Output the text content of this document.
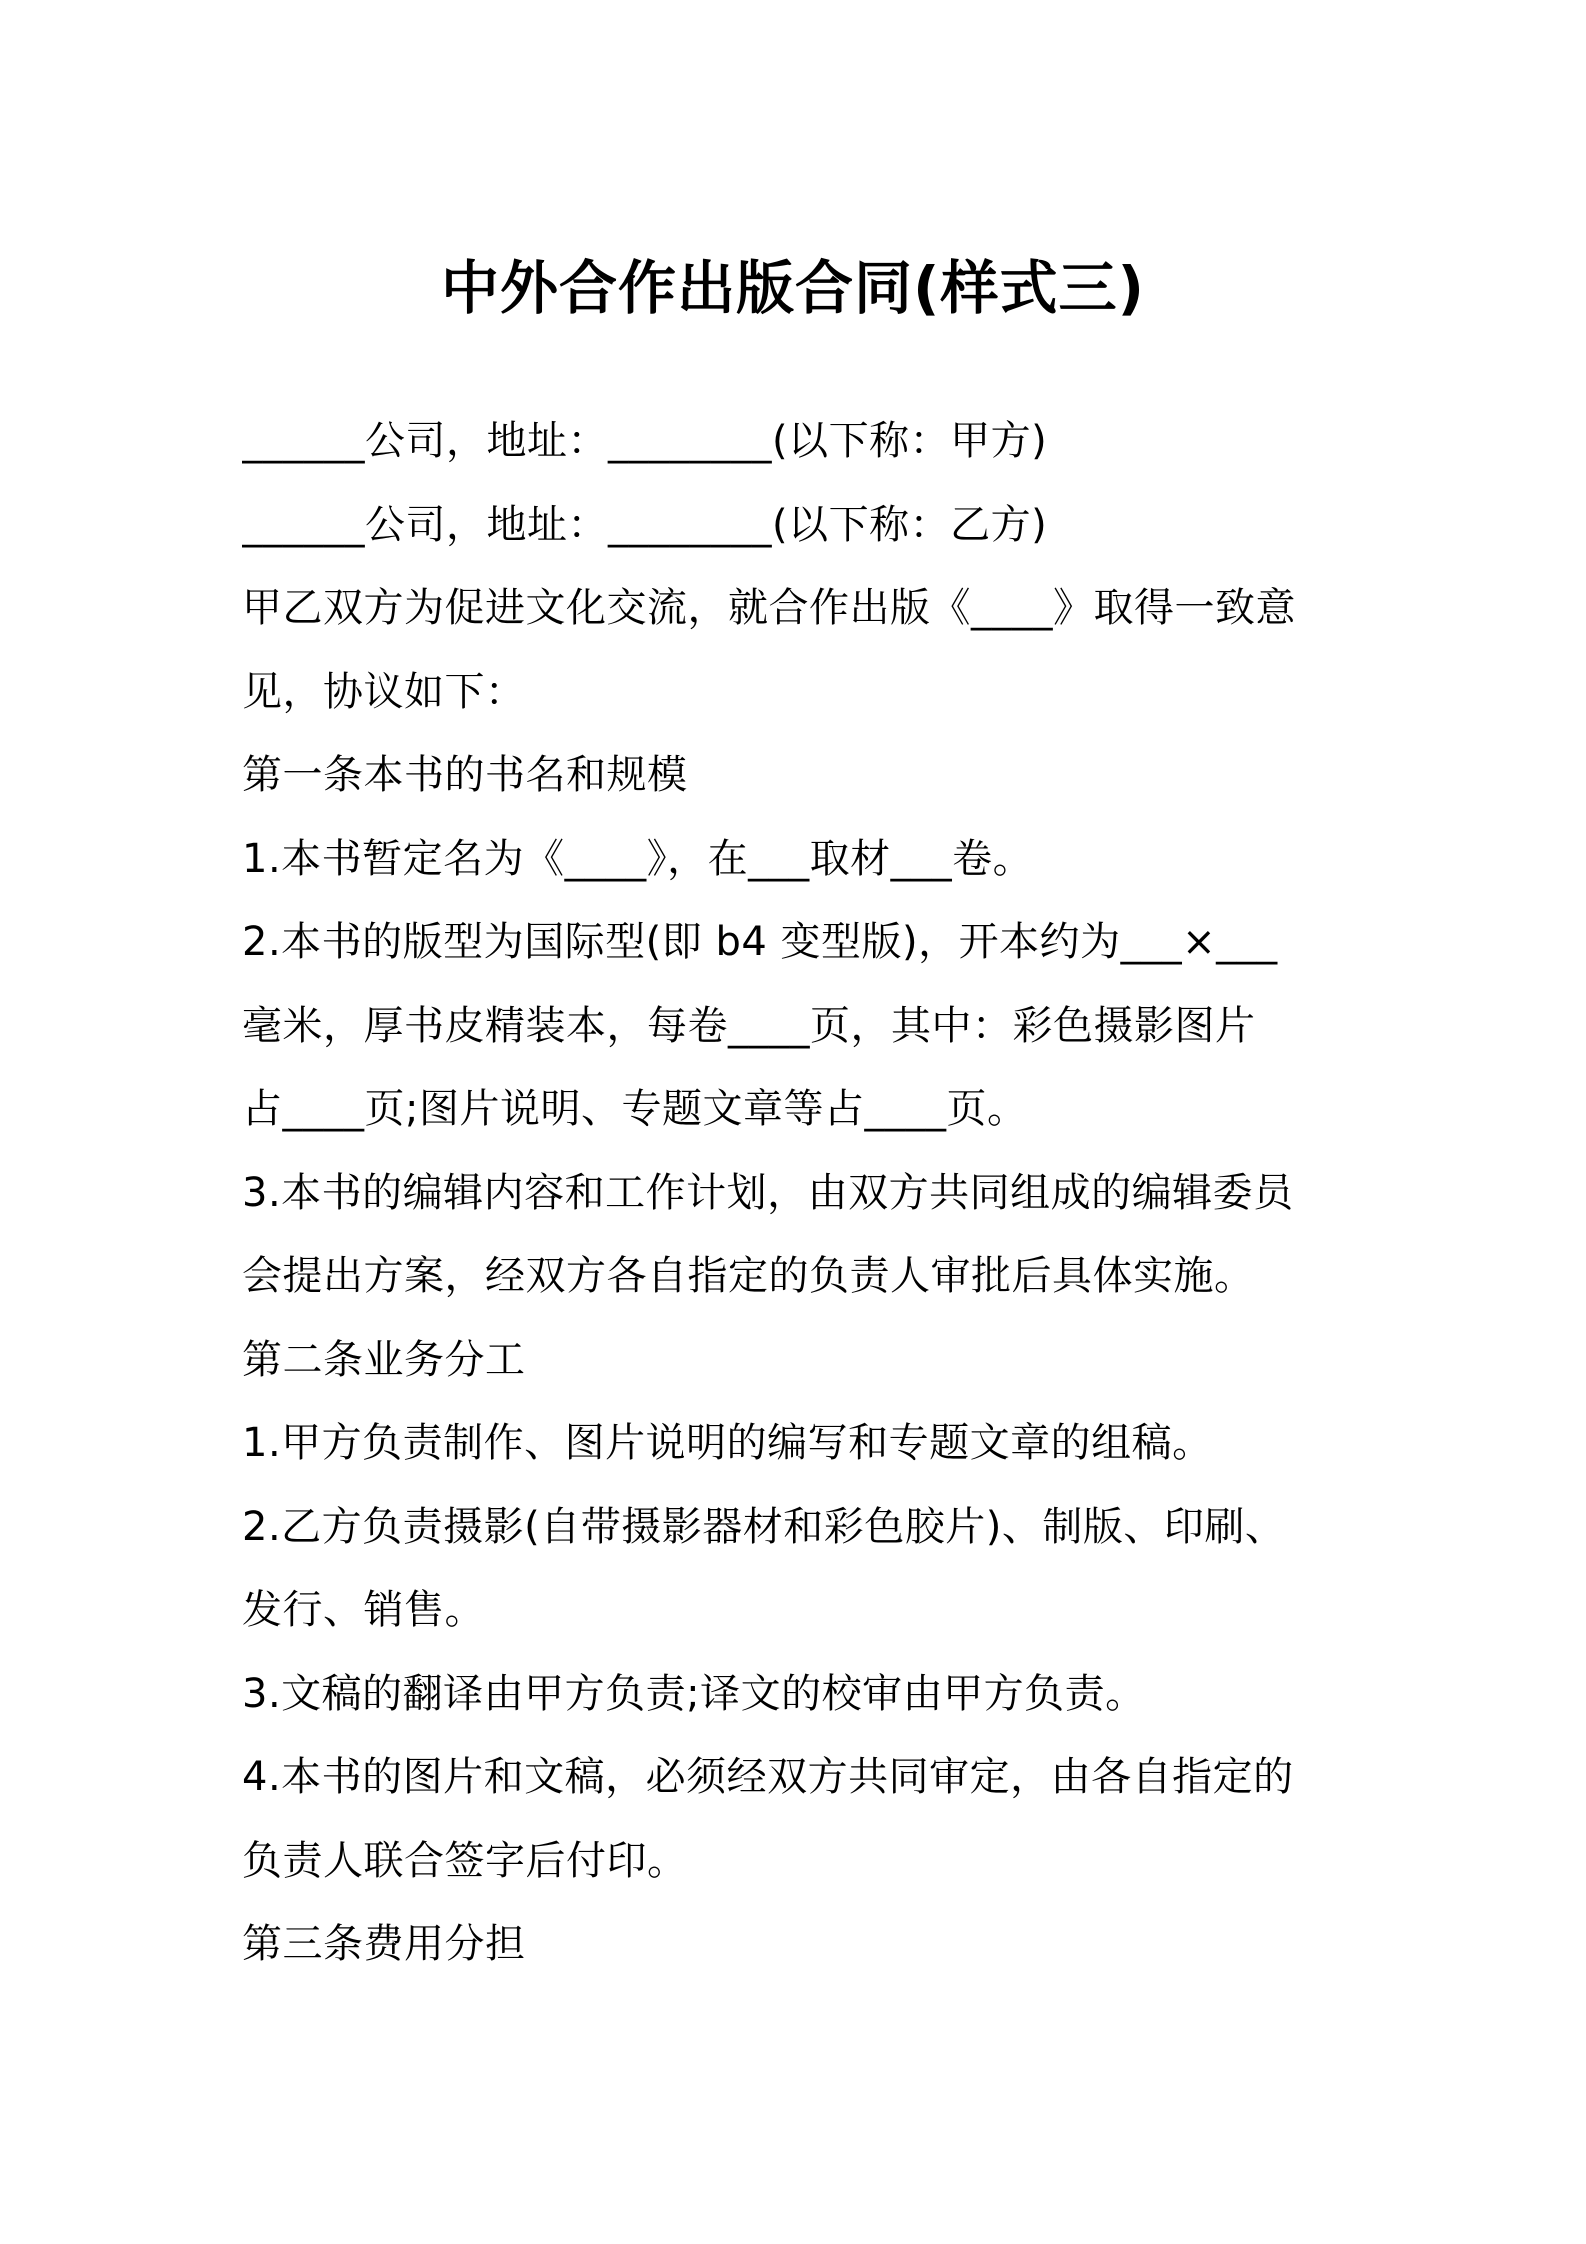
中外合作出版合同(样式三)
______公司，地址：________(以下称：甲方)
______公司，地址：________(以下称：乙方)
甲乙双方为促进文化交流，就合作出版《____》取得一致意
见，协议如下：
第一条本书的书名和规模
1.本书暂定名为《____》，在___取材___卷。
2.本书的版型为国际型(即 b4 变型版)，开本约为___×___
毫米，厚书皮精装本，每卷____页，其中：彩色摄影图片
占____页;图片说明、专题文章等占____页。
3.本书的编辑内容和工作计划，由双方共同组成的编辑委员
会提出方案，经双方各自指定的负责人审批后具体实施。
第二条业务分工
1.甲方负责制作、图片说明的编写和专题文章的组稿。
2.乙方负责摄影(自带摄影器材和彩色胶片)、制版、印刷、
发行、销售。
3.文稿的翻译由甲方负责;译文的校审由甲方负责。
4.本书的图片和文稿，必须经双方共同审定，由各自指定的
负责人联合签字后付印。
第三条费用分担
